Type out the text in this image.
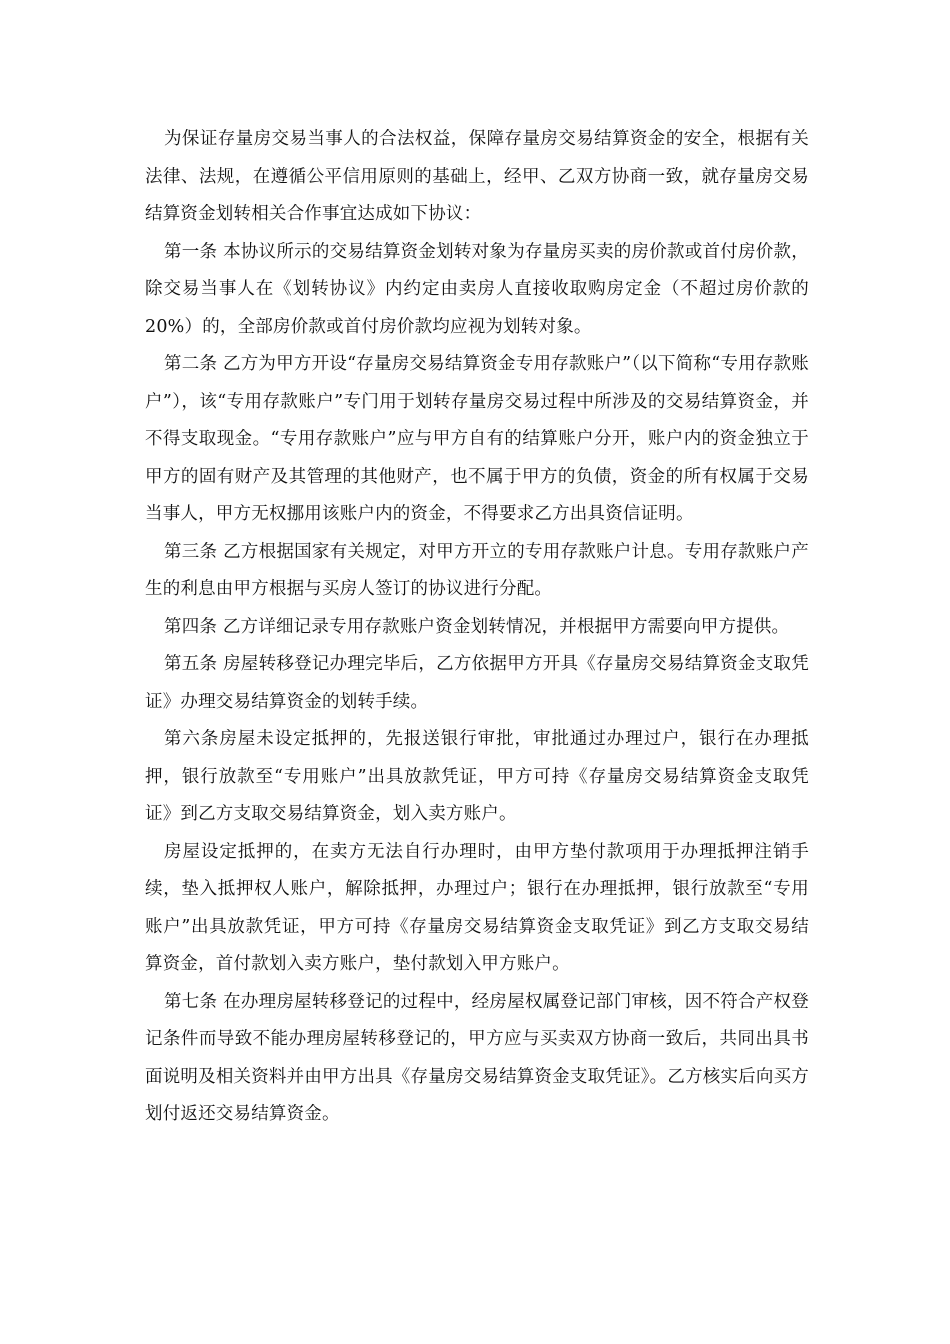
为保证存量房交易当事人的合法权益，保障存量房交易结算资金的安全，根据有关法律、法规，在遵循公平信用原则的基础上，经甲、乙双方协商一致，就存量房交易结算资金划转相关合作事宜达成如下协议：

第一条 本协议所示的交易结算资金划转对象为存量房买卖的房价款或首付房价款，除交易当事人在《划转协议》内约定由卖房人直接收取购房定金（不超过房价款的20%）的，全部房价款或首付房价款均应视为划转对象。

第二条 乙方为甲方开设“存量房交易结算资金专用存款账户”（以下简称“专用存款账户”），该“专用存款账户”专门用于划转存量房交易过程中所涉及的交易结算资金，并不得支取现金。“专用存款账户”应与甲方自有的结算账户分开，账户内的资金独立于甲方的固有财产及其管理的其他财产，也不属于甲方的负债，资金的所有权属于交易当事人，甲方无权挪用该账户内的资金，不得要求乙方出具资信证明。

第三条 乙方根据国家有关规定，对甲方开立的专用存款账户计息。专用存款账户产生的利息由甲方根据与买房人签订的协议进行分配。

第四条 乙方详细记录专用存款账户资金划转情况，并根据甲方需要向甲方提供。

第五条 房屋转移登记办理完毕后，乙方依据甲方开具《存量房交易结算资金支取凭证》办理交易结算资金的划转手续。

第六条房屋未设定抵押的，先报送银行审批，审批通过办理过户，银行在办理抵押，银行放款至“专用账户”出具放款凭证，甲方可持《存量房交易结算资金支取凭证》到乙方支取交易结算资金，划入卖方账户。

房屋设定抵押的，在卖方无法自行办理时，由甲方垫付款项用于办理抵押注销手续，垫入抵押权人账户，解除抵押，办理过户；银行在办理抵押，银行放款至“专用账户”出具放款凭证，甲方可持《存量房交易结算资金支取凭证》到乙方支取交易结算资金，首付款划入卖方账户，垫付款划入甲方账户。

第七条 在办理房屋转移登记的过程中，经房屋权属登记部门审核，因不符合产权登记条件而导致不能办理房屋转移登记的，甲方应与买卖双方协商一致后，共同出具书面说明及相关资料并由甲方出具《存量房交易结算资金支取凭证》。乙方核实后向买方划付返还交易结算资金。
